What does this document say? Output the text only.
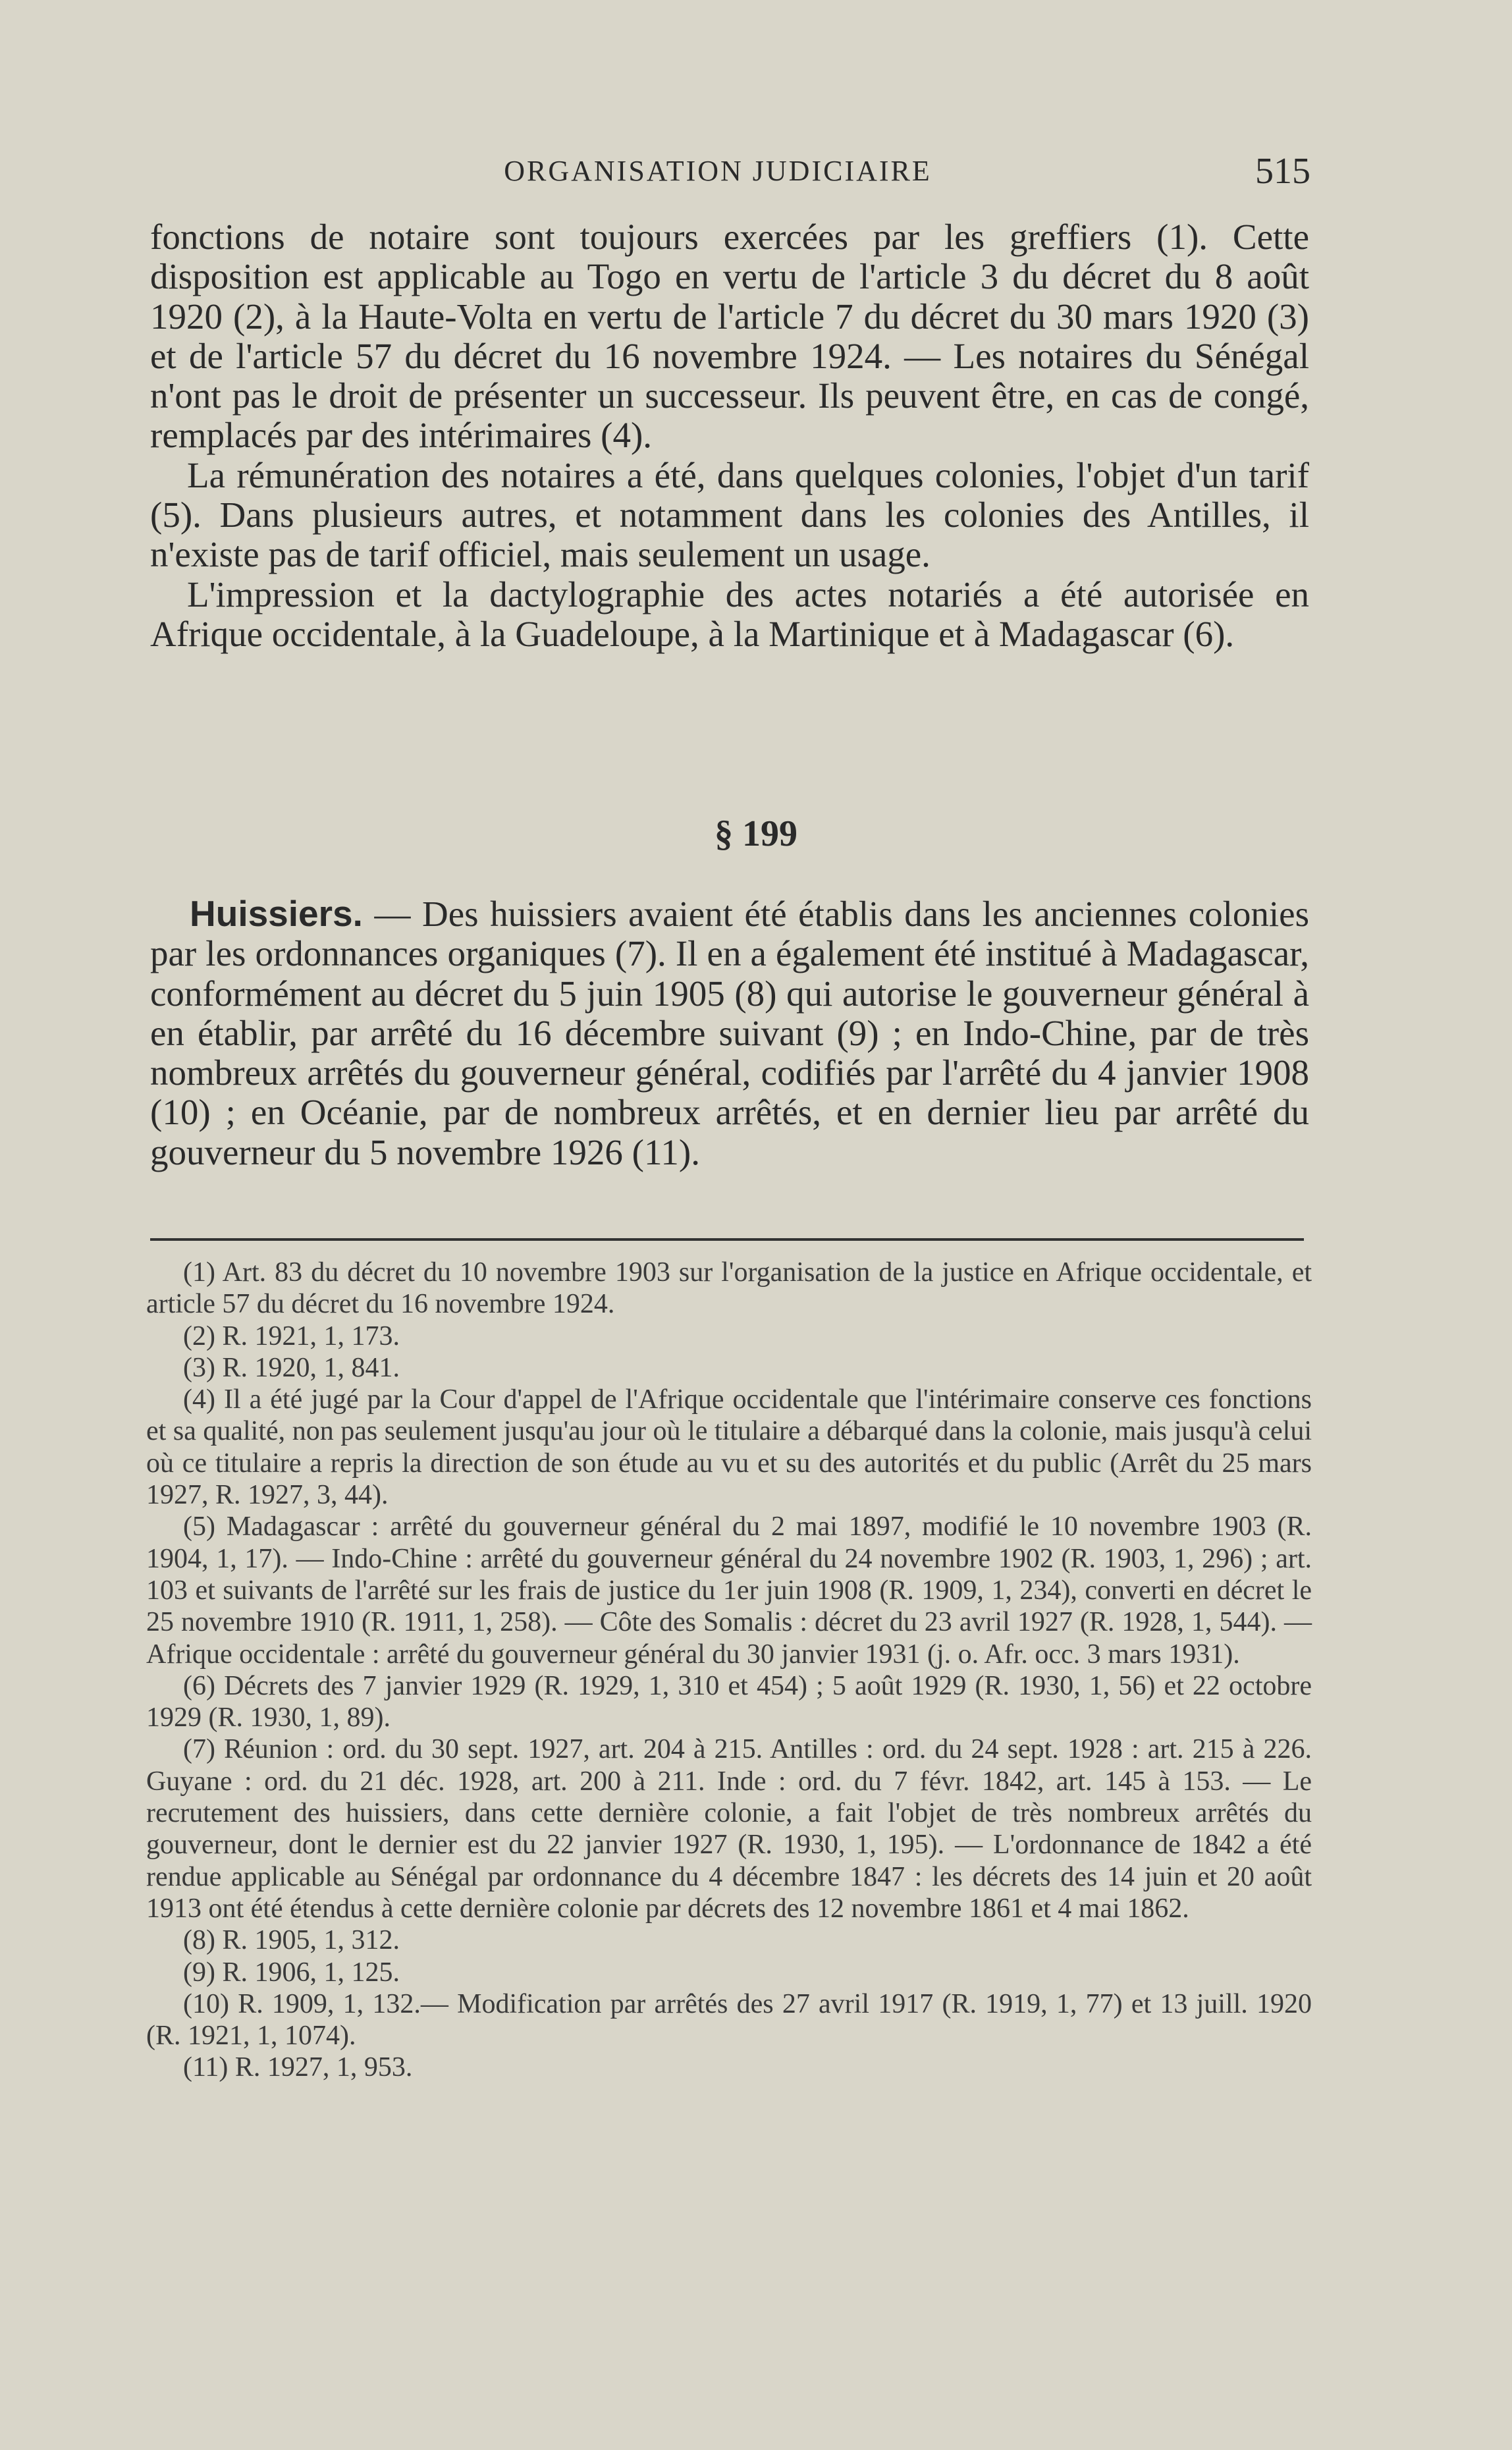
ORGANISATION JUDICIAIRE	515

fonctions de notaire sont toujours exercées par les greffiers (1). Cette disposition est applicable au Togo en vertu de l'article 3 du décret du 8 août 1920 (2), à la Haute-Volta en vertu de l'article 7 du décret du 30 mars 1920 (3) et de l'article 57 du décret du 16 novembre 1924. — Les notaires du Sénégal n'ont pas le droit de présenter un successeur. Ils peuvent être, en cas de congé, remplacés par des intérimaires (4).

La rémunération des notaires a été, dans quelques colonies, l'objet d'un tarif (5). Dans plusieurs autres, et notamment dans les colonies des Antilles, il n'existe pas de tarif officiel, mais seulement un usage.

L'impression et la dactylographie des actes notariés a été autorisée en Afrique occidentale, à la Guadeloupe, à la Martinique et à Madagascar (6).

§ 199

Huissiers. — Des huissiers avaient été établis dans les anciennes colonies par les ordonnances organiques (7). Il en a également été institué à Madagascar, conformément au décret du 5 juin 1905 (8) qui autorise le gouverneur général à en établir, par arrêté du 16 décembre suivant (9) ; en Indo-Chine, par de très nombreux arrêtés du gouverneur général, codifiés par l'arrêté du 4 janvier 1908 (10) ; en Océanie, par de nombreux arrêtés, et en dernier lieu par arrêté du gouverneur du 5 novembre 1926 (11).

(1) Art. 83 du décret du 10 novembre 1903 sur l'organisation de la justice en Afrique occidentale, et article 57 du décret du 16 novembre 1924.

(2) R. 1921, 1, 173.

(3) R. 1920, 1, 841.

(4) Il a été jugé par la Cour d'appel de l'Afrique occidentale que l'intérimaire conserve ces fonctions et sa qualité, non pas seulement jusqu'au jour où le titulaire a débarqué dans la colonie, mais jusqu'à celui où ce titulaire a repris la direction de son étude au vu et su des autorités et du public (Arrêt du 25 mars 1927, R. 1927, 3, 44).

(5) Madagascar : arrêté du gouverneur général du 2 mai 1897, modifié le 10 novembre 1903 (R. 1904, 1, 17). — Indo-Chine : arrêté du gouverneur général du 24 novembre 1902 (R. 1903, 1, 296) ; art. 103 et suivants de l'arrêté sur les frais de justice du 1er juin 1908 (R. 1909, 1, 234), converti en décret le 25 novembre 1910 (R. 1911, 1, 258). — Côte des Somalis : décret du 23 avril 1927 (R. 1928, 1, 544). — Afrique occidentale : arrêté du gouverneur général du 30 janvier 1931 (j. o. Afr. occ. 3 mars 1931).

(6) Décrets des 7 janvier 1929 (R. 1929, 1, 310 et 454) ; 5 août 1929 (R. 1930, 1, 56) et 22 octobre 1929 (R. 1930, 1, 89).

(7) Réunion : ord. du 30 sept. 1927, art. 204 à 215. Antilles : ord. du 24 sept. 1928 : art. 215 à 226. Guyane : ord. du 21 déc. 1928, art. 200 à 211. Inde : ord. du 7 févr. 1842, art. 145 à 153. — Le recrutement des huissiers, dans cette dernière colonie, a fait l'objet de très nombreux arrêtés du gouverneur, dont le dernier est du 22 janvier 1927 (R. 1930, 1, 195). — L'ordonnance de 1842 a été rendue applicable au Sénégal par ordonnance du 4 décembre 1847 : les décrets des 14 juin et 20 août 1913 ont été étendus à cette dernière colonie par décrets des 12 novembre 1861 et 4 mai 1862.

(8) R. 1905, 1, 312.

(9) R. 1906, 1, 125.

(10) R. 1909, 1, 132.— Modification par arrêtés des 27 avril 1917 (R. 1919, 1, 77) et 13 juill. 1920 (R. 1921, 1, 1074).

(11) R. 1927, 1, 953.
